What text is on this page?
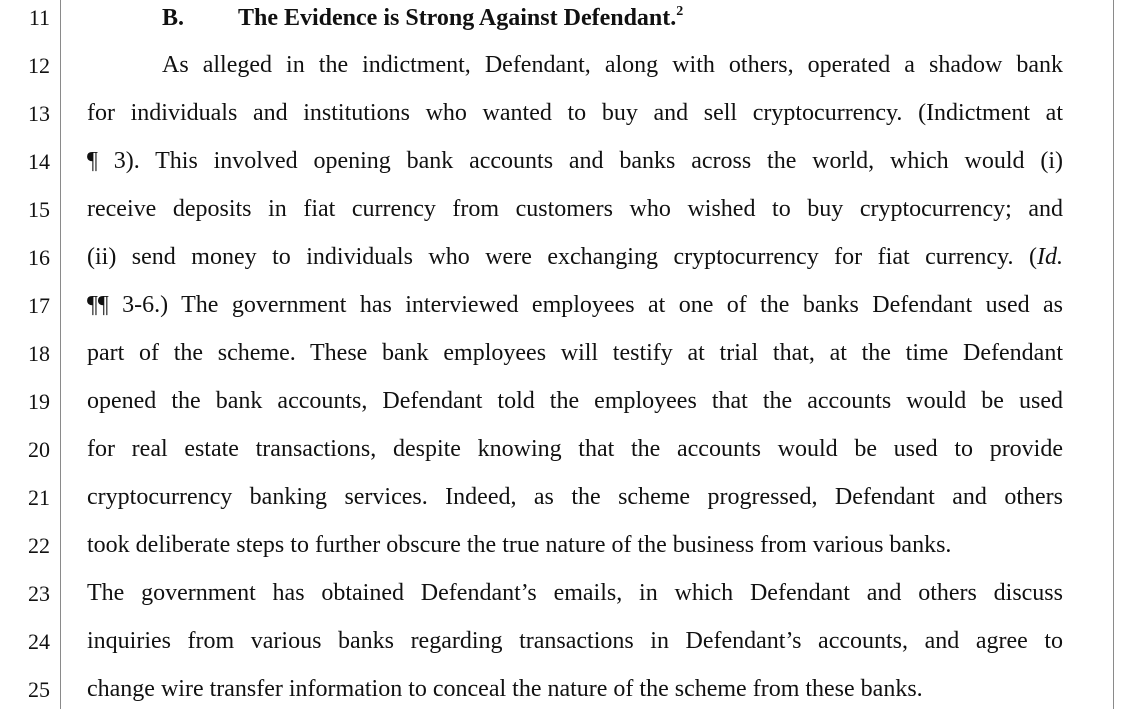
11
12
13
14
15
16
17
18
19
20
21
22
23
24
25
B. The Evidence is Strong Against Defendant.$^2$
As alleged in the indictment, Defendant, along with others, operated a shadow bank
for individuals and institutions who wanted to buy and sell cryptocurrency. (Indictment at
¶ 3). This involved opening bank accounts and banks across the world, which would (i)
receive deposits in fiat currency from customers who wished to buy cryptocurrency; and
(ii) send money to individuals who were exchanging cryptocurrency for fiat currency. (Id.
¶¶ 3-6.) The government has interviewed employees at one of the banks Defendant used as
part of the scheme. These bank employees will testify at trial that, at the time Defendant
opened the bank accounts, Defendant told the employees that the accounts would be used
for real estate transactions, despite knowing that the accounts would be used to provide
cryptocurrency banking services. Indeed, as the scheme progressed, Defendant and others
took deliberate steps to further obscure the true nature of the business from various banks.
The government has obtained Defendant’s emails, in which Defendant and others discuss
inquiries from various banks regarding transactions in Defendant’s accounts, and agree to
change wire transfer information to conceal the nature of the scheme from these banks.
